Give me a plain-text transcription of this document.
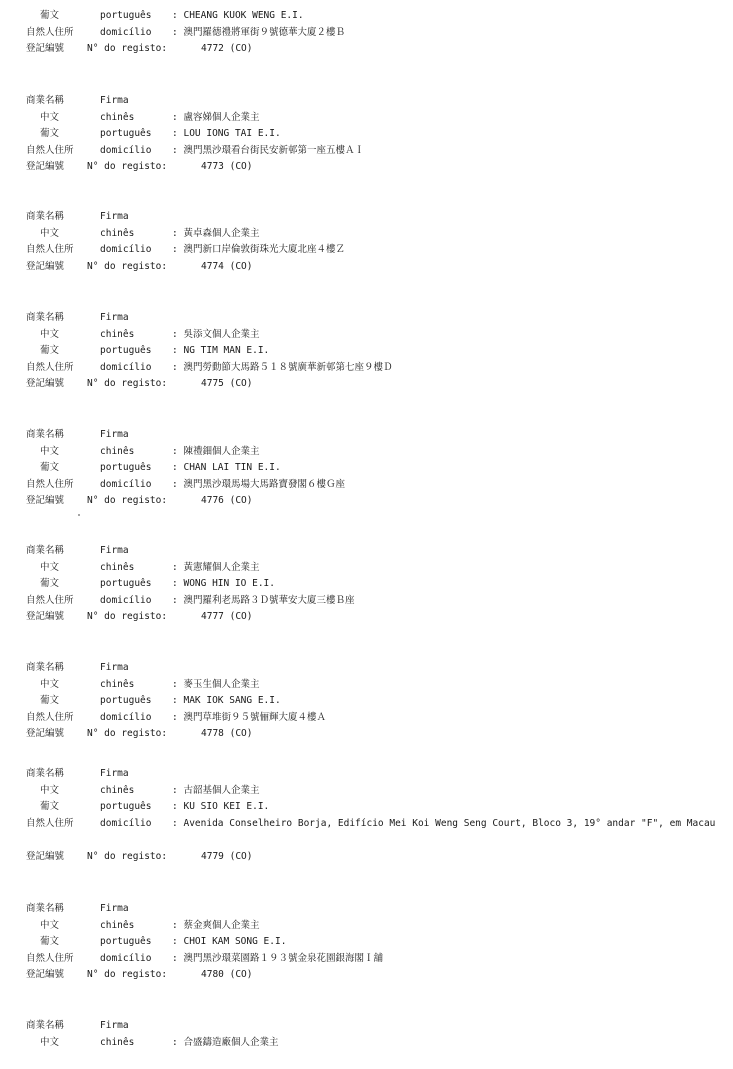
葡文	português : CHEANG KUOK WENG E.I.
自然人住所	domicílio : 澳門羅德禮將軍街９號德華大廈２樓Ｂ
登記編號 N° do registo:	4772 (CO)
商業名稱	Firma
中文	chinês	: 盧容娣個人企業主
葡文	português : LOU IONG TAI E.I.
自然人住所	domicílio : 澳門黑沙環看台街民安新邨第一座五樓ＡＩ
登記編號 N° do registo:	4773 (CO)
商業名稱	Firma
中文	chinês	: 黃卓森個人企業主
自然人住所	domicílio : 澳門新口岸倫敦街珠光大廈北座４樓Ｚ
登記編號 N° do registo:	4774 (CO)
商業名稱	Firma
中文	chinês	: 吳添文個人企業主
葡文	português : NG TIM MAN E.I.
自然人住所	domicílio : 澳門勞動節大馬路５１８號廣華新邨第七座９樓Ｄ
登記編號 N° do registo:	4775 (CO)
商業名稱	Firma
中文	chinês	: 陳禮鈿個人企業主
葡文	português : CHAN LAI TIN E.I.
自然人住所	domicílio : 澳門黑沙環馬場大馬路寶發閣６樓Ｇ座
登記編號 N° do registo:	4776 (CO)
商業名稱	Firma
中文	chinês	: 黃憲耀個人企業主
葡文	português : WONG HIN IO E.I.
自然人住所	domicílio : 澳門羅利老馬路３Ｄ號華安大廈三樓Ｂ座
登記編號 N° do registo:	4777 (CO)
商業名稱	Firma
中文	chinês	: 麥玉生個人企業主
葡文	português : MAK IOK SANG E.I.
自然人住所	domicílio : 澳門草堆街９５號俪輝大廈４樓Ａ
登記編號 N° do registo:	4778 (CO)
商業名稱	Firma
中文	chinês	: 古韶基個人企業主
葡文	português : KU SIO KEI E.I.
自然人住所	domicílio : Avenida Conselheiro Borja, Edifício Mei Koi Weng Seng Court, Bloco 3, 19° andar "F", em Macau
登記編號 N° do registo:	4779 (CO)
商業名稱	Firma
中文	chinês	: 蔡金爽個人企業主
葡文	português : CHOI KAM SONG E.I.
自然人住所	domicílio : 澳門黑沙環菜園路１９３號金泉花園銀海閣Ｉ舖
登記編號 N° do registo:	4780 (CO)
商業名稱	Firma
中文	chinês	: 合盛鑄造廠個人企業主
